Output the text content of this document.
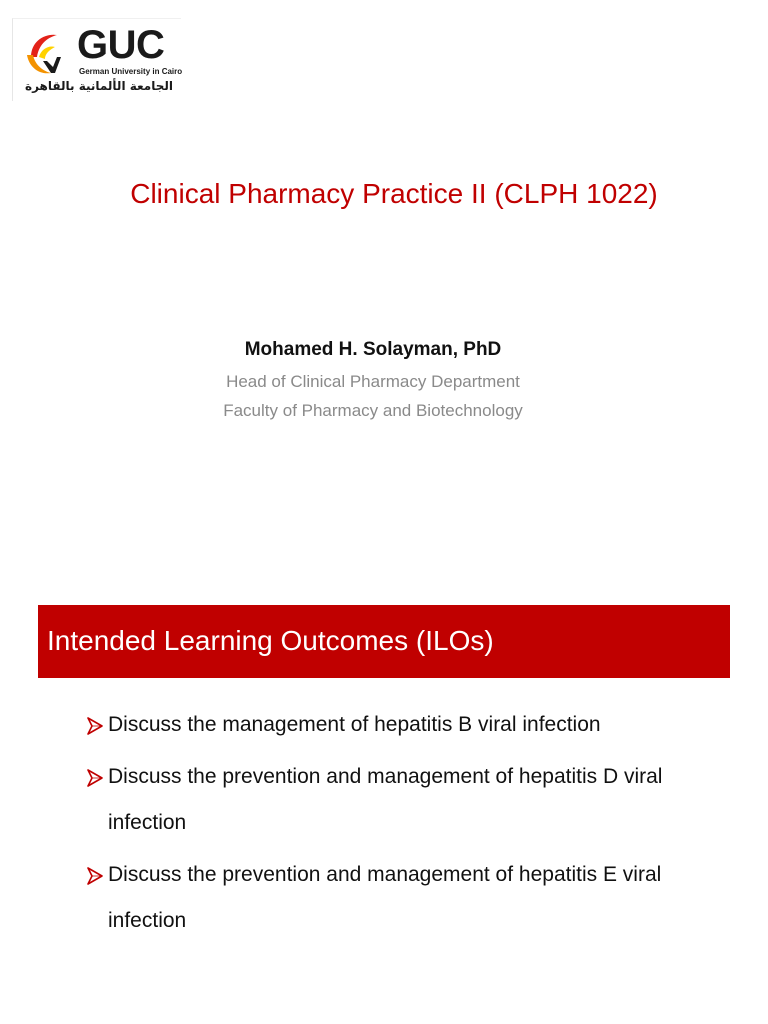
GUC
German University in Cairo
الجامعة الألمانية بالقاهرة
Clinical Pharmacy Practice II (CLPH 1022)
Mohamed H. Solayman, PhD
Head of Clinical Pharmacy Department
Faculty of Pharmacy and Biotechnology
Intended Learning Outcomes (ILOs)
Discuss the management of hepatitis B viral infection
Discuss the prevention and management of hepatitis D viral infection
Discuss the prevention and management of hepatitis E viral infection
